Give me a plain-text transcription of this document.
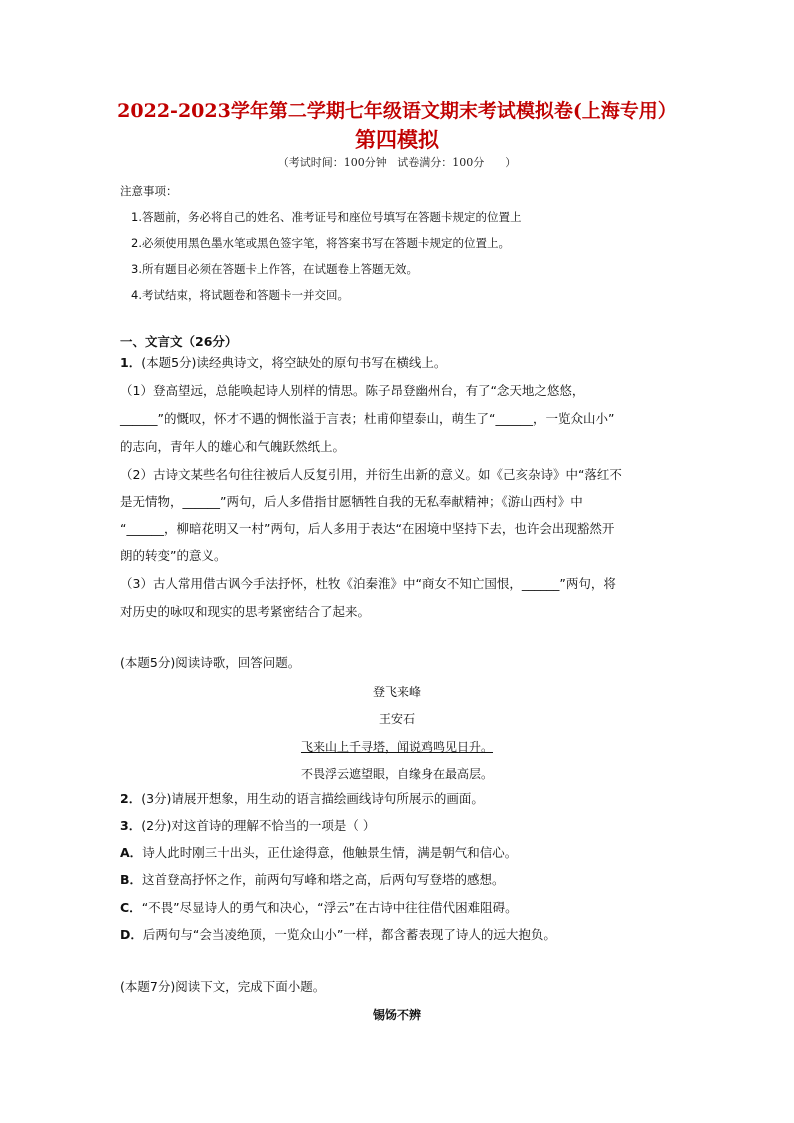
2022-2023学年第二学期七年级语文期末考试模拟卷(上海专用）
第四模拟
（考试时间：100分钟   试卷满分：100分      ）
注意事项：
1.答题前，务必将自己的姓名、准考证号和座位号填写在答题卡规定的位置上
2.必须使用黑色墨水笔或黑色签字笔，将答案书写在答题卡规定的位置上。
3.所有题目必须在答题卡上作答，在试题卷上答题无效。
4.考试结束，将试题卷和答题卡一并交回。
一、文言文（26分）
1．(本题5分)读经典诗文，将空缺处的原句书写在横线上。
（1）登高望远，总能唤起诗人别样的情思。陈子昂登幽州台，有了“念天地之悠悠，
______”的慨叹，怀才不遇的惆怅溢于言表；杜甫仰望泰山，萌生了“______，一览众山小”
的志向，青年人的雄心和气魄跃然纸上。
（2）古诗文某些名句往往被后人反复引用，并衍生出新的意义。如《己亥杂诗》中“落红不
是无情物，______”两句，后人多借指甘愿牺牲自我的无私奉献精神；《游山西村》中
“______，柳暗花明又一村”两句，后人多用于表达“在困境中坚持下去，也许会出现豁然开
朗的转变”的意义。
（3）古人常用借古讽今手法抒怀，杜牧《泊秦淮》中“商女不知亡国恨，______”两句，将
对历史的咏叹和现实的思考紧密结合了起来。
(本题5分)阅读诗歌，回答问题。
登飞来峰
王安石
飞来山上千寻塔，闻说鸡鸣见日升。
不畏浮云遮望眼，自缘身在最高层。
2．(3分)请展开想象，用生动的语言描绘画线诗句所展示的画面。
3．(2分)对这首诗的理解不恰当的一项是（ ）
A．诗人此时刚三十出头，正仕途得意，他触景生情，满是朝气和信心。
B．这首登高抒怀之作，前两句写峰和塔之高，后两句写登塔的感想。
C．“不畏”尽显诗人的勇气和决心，“浮云”在古诗中往往借代困难阻碍。
D．后两句与“会当凌绝顶，一览众山小”一样，都含蓄表现了诗人的远大抱负。
(本题7分)阅读下文，完成下面小题。
锡饧不辨
